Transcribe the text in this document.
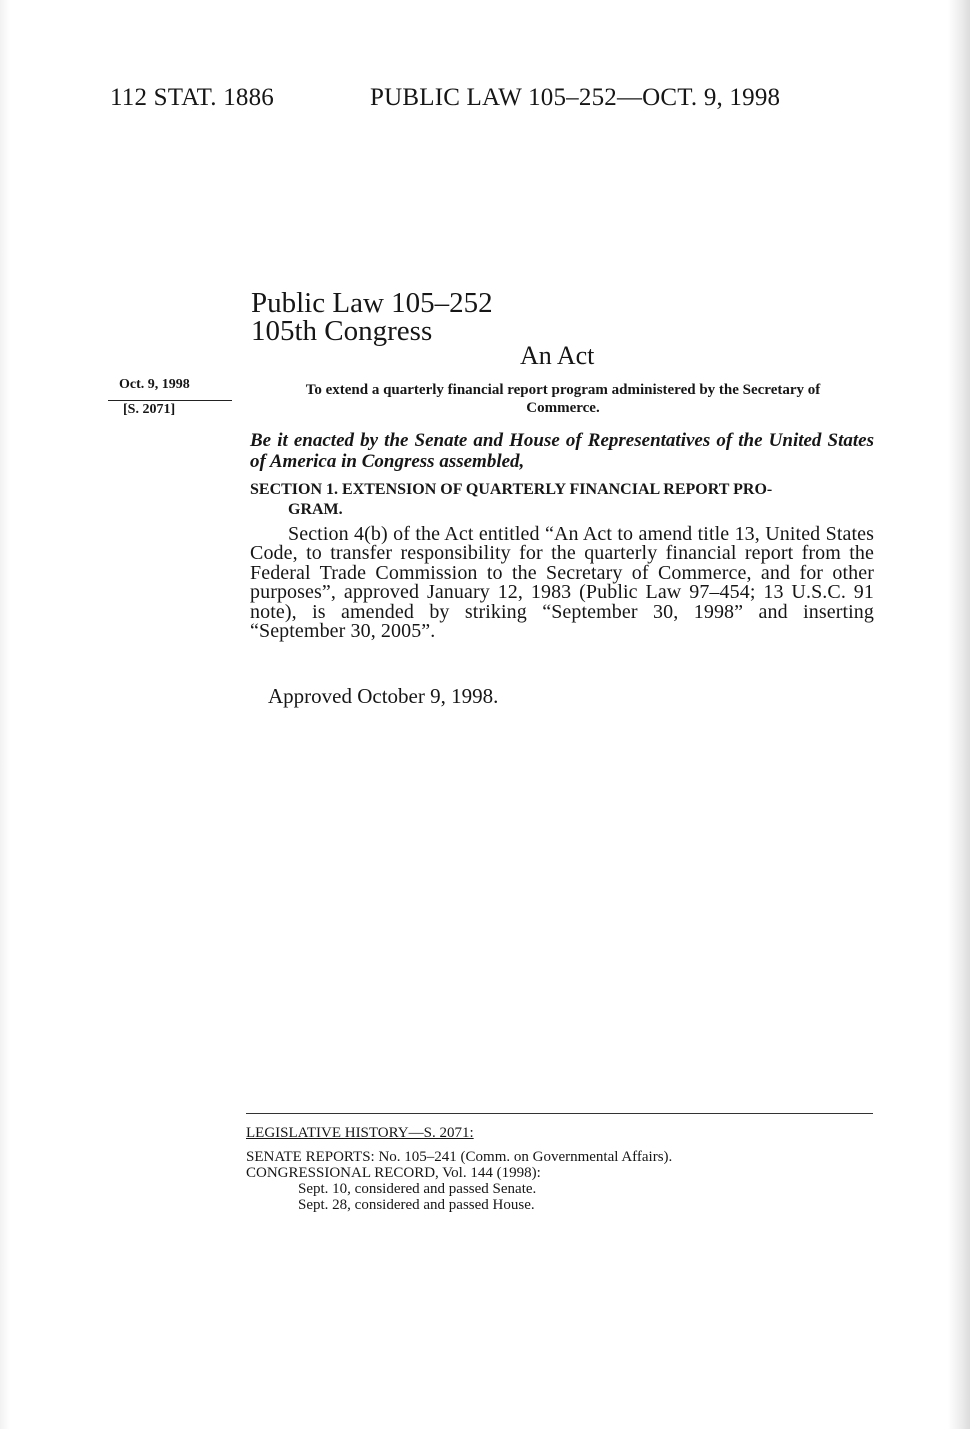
112 STAT. 1886	PUBLIC LAW 105–252—OCT. 9, 1998
Public Law 105–252
105th Congress
An Act
Oct. 9, 1998
[S. 2071]
To extend a quarterly financial report program administered by the Secretary of Commerce.
Be it enacted by the Senate and House of Representatives of the United States of America in Congress assembled,
SECTION 1. EXTENSION OF QUARTERLY FINANCIAL REPORT PRO-
GRAM.
Section 4(b) of the Act entitled “An Act to amend title 13, United States Code, to transfer responsibility for the quarterly financial report from the Federal Trade Commission to the Secretary of Commerce, and for other purposes”, approved January 12, 1983 (Public Law 97–454; 13 U.S.C. 91 note), is amended by striking “September 30, 1998” and inserting “September 30, 2005”.
Approved October 9, 1998.
LEGISLATIVE HISTORY—S. 2071:
SENATE REPORTS: No. 105–241 (Comm. on Governmental Affairs).
CONGRESSIONAL RECORD, Vol. 144 (1998):
Sept. 10, considered and passed Senate.
Sept. 28, considered and passed House.
